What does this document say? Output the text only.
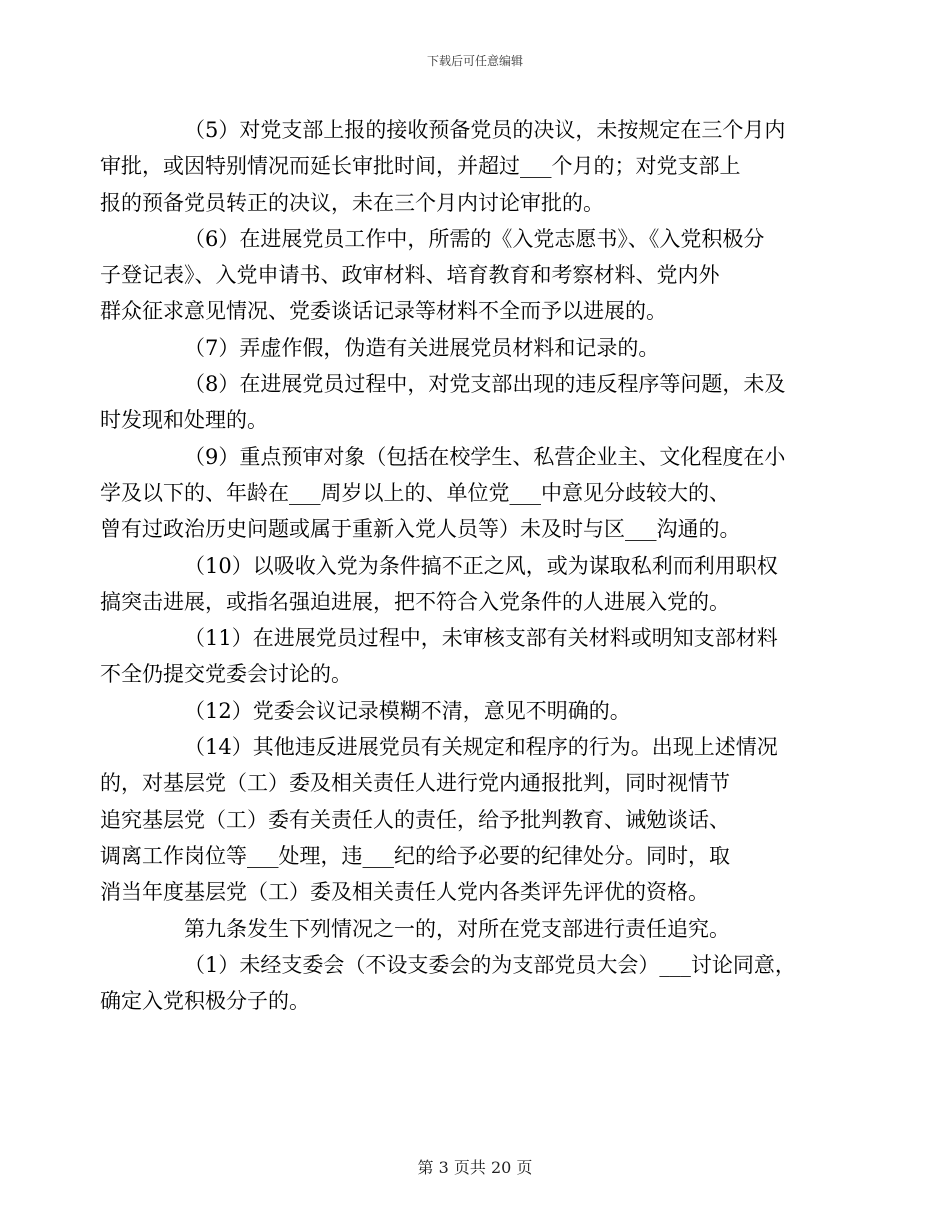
下载后可任意编辑

（5）对党支部上报的接收预备党员的决议，未按规定在三个月内
审批，或因特别情况而延长审批时间，并超过___个月的；对党支部上
报的预备党员转正的决议，未在三个月内讨论审批的。

（6）在进展党员工作中，所需的《入党志愿书》、《入党积极分
子登记表》、入党申请书、政审材料、培育教育和考察材料、党内外
群众征求意见情况、党委谈话记录等材料不全而予以进展的。

（7）弄虚作假，伪造有关进展党员材料和记录的。

（8）在进展党员过程中，对党支部出现的违反程序等问题，未及
时发现和处理的。

（9）重点预审对象（包括在校学生、私营企业主、文化程度在小
学及以下的、年龄在___周岁以上的、单位党___中意见分歧较大的、
曾有过政治历史问题或属于重新入党人员等）未及时与区___沟通的。

（10）以吸收入党为条件搞不正之风，或为谋取私利而利用职权
搞突击进展，或指名强迫进展，把不符合入党条件的人进展入党的。

（11）在进展党员过程中，未审核支部有关材料或明知支部材料
不全仍提交党委会讨论的。

（12）党委会议记录模糊不清，意见不明确的。

（14）其他违反进展党员有关规定和程序的行为。出现上述情况
的，对基层党（工）委及相关责任人进行党内通报批判，同时视情节
追究基层党（工）委有关责任人的责任，给予批判教育、诫勉谈话、
调离工作岗位等___处理，违___纪的给予必要的纪律处分。同时，取
消当年度基层党（工）委及相关责任人党内各类评先评优的资格。

第九条发生下列情况之一的，对所在党支部进行责任追究。

（1）未经支委会（不设支委会的为支部党员大会）___讨论同意，
确定入党积极分子的。

第 3 页共 20 页
